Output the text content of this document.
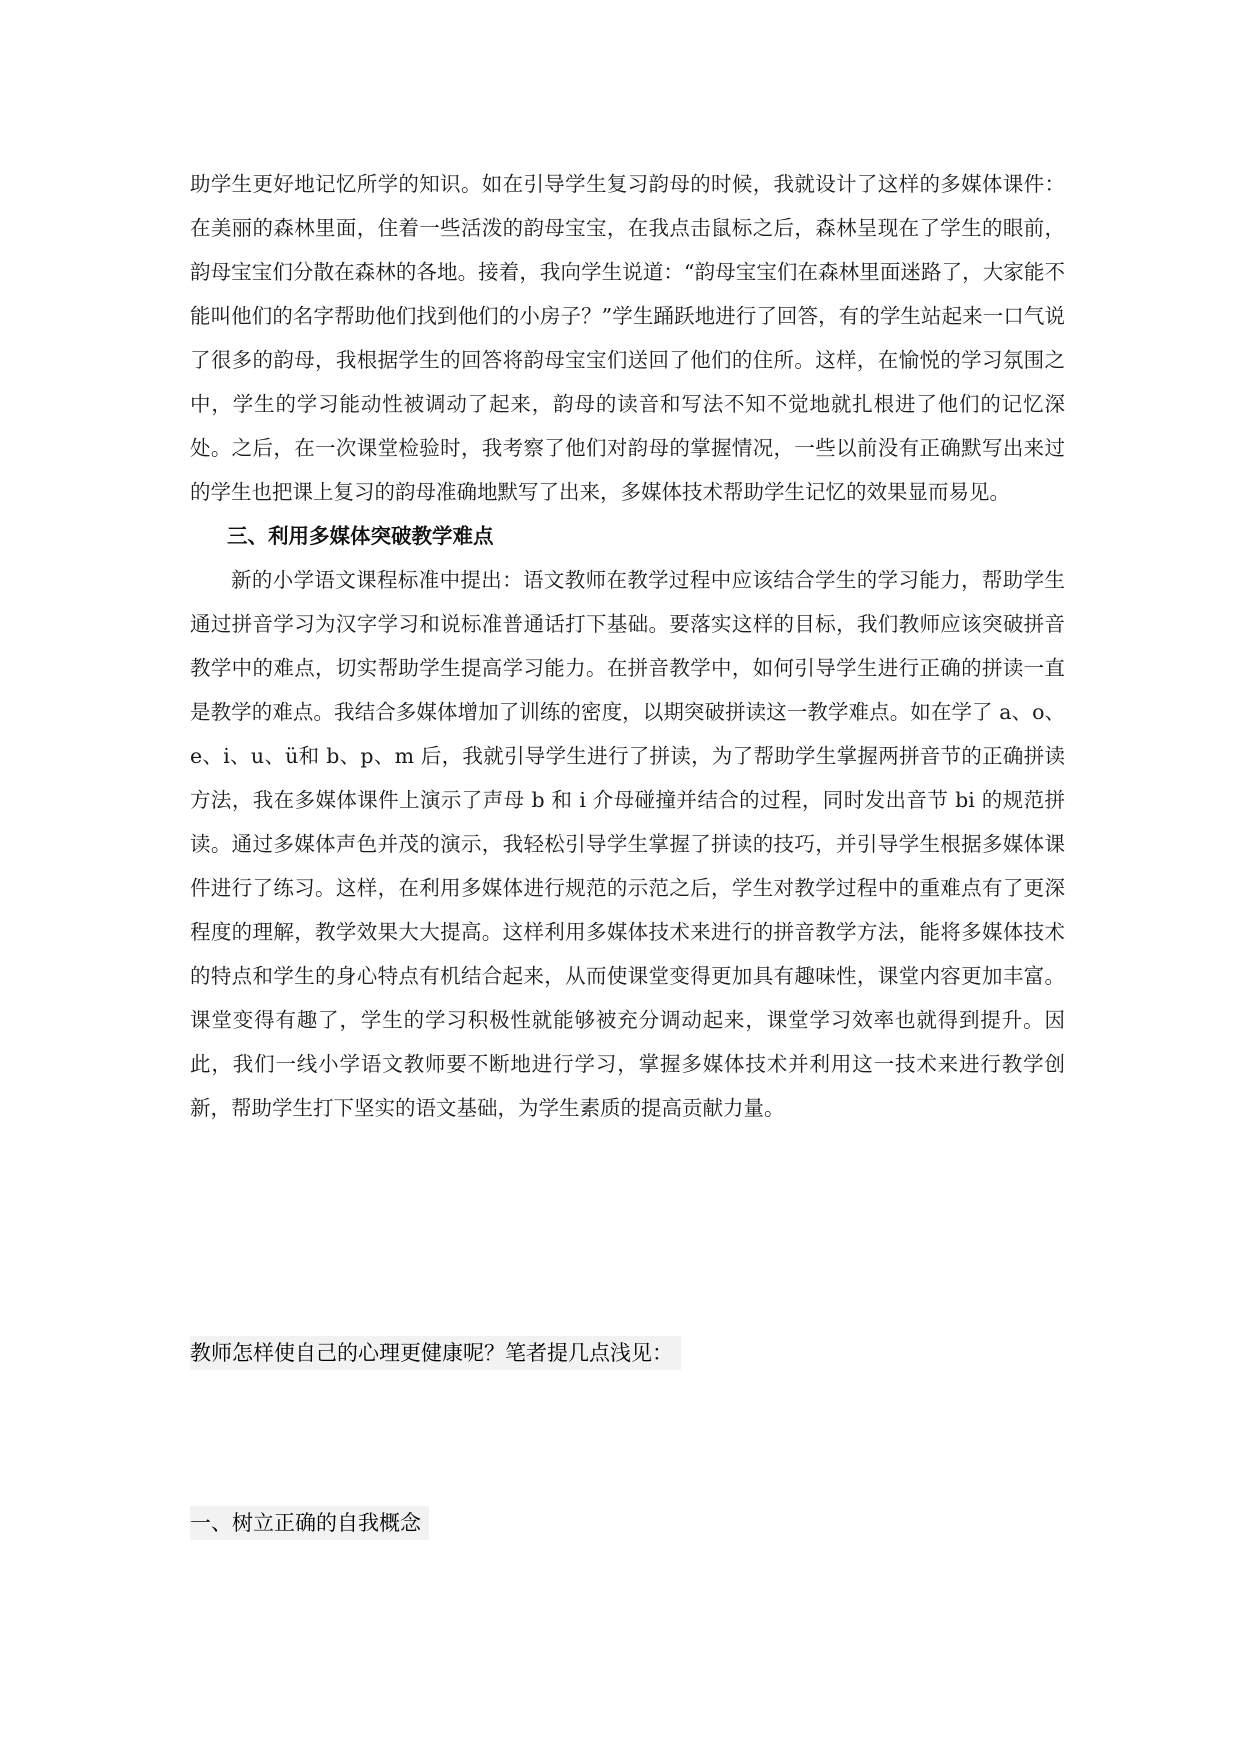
助学生更好地记忆所学的知识。如在引导学生复习韵母的时候，我就设计了这样的多媒体课件：在美丽的森林里面，住着一些活泼的韵母宝宝，在我点击鼠标之后，森林呈现在了学生的眼前，韵母宝宝们分散在森林的各地。接着，我向学生说道：“韵母宝宝们在森林里面迷路了，大家能不能叫他们的名字帮助他们找到他们的小房子？”学生踊跃地进行了回答，有的学生站起来一口气说了很多的韵母，我根据学生的回答将韵母宝宝们送回了他们的住所。这样，在愉悦的学习氛围之中，学生的学习能动性被调动了起来，韵母的读音和写法不知不觉地就扎根进了他们的记忆深处。之后，在一次课堂检验时，我考察了他们对韵母的掌握情况，一些以前没有正确默写出来过的学生也把课上复习的韵母准确地默写了出来，多媒体技术帮助学生记忆的效果显而易见。

三、利用多媒体突破教学难点

新的小学语文课程标准中提出：语文教师在教学过程中应该结合学生的学习能力，帮助学生通过拼音学习为汉字学习和说标准普通话打下基础。要落实这样的目标，我们教师应该突破拼音教学中的难点，切实帮助学生提高学习能力。在拼音教学中，如何引导学生进行正确的拼读一直是教学的难点。我结合多媒体增加了训练的密度，以期突破拼读这一教学难点。如在学了 a、o、e、i、u、ü和 b、p、m 后，我就引导学生进行了拼读，为了帮助学生掌握两拼音节的正确拼读方法，我在多媒体课件上演示了声母 b 和 i 介母碰撞并结合的过程，同时发出音节 bi 的规范拼读。通过多媒体声色并茂的演示，我轻松引导学生掌握了拼读的技巧，并引导学生根据多媒体课件进行了练习。这样，在利用多媒体进行规范的示范之后，学生对教学过程中的重难点有了更深程度的理解，教学效果大大提高。这样利用多媒体技术来进行的拼音教学方法，能将多媒体技术的特点和学生的身心特点有机结合起来，从而使课堂变得更加具有趣味性，课堂内容更加丰富。课堂变得有趣了，学生的学习积极性就能够被充分调动起来，课堂学习效率也就得到提升。因此，我们一线小学语文教师要不断地进行学习，掌握多媒体技术并利用这一技术来进行教学创新，帮助学生打下坚实的语文基础，为学生素质的提高贡献力量。

教师怎样使自己的心理更健康呢？笔者提几点浅见：
一、树立正确的自我概念
